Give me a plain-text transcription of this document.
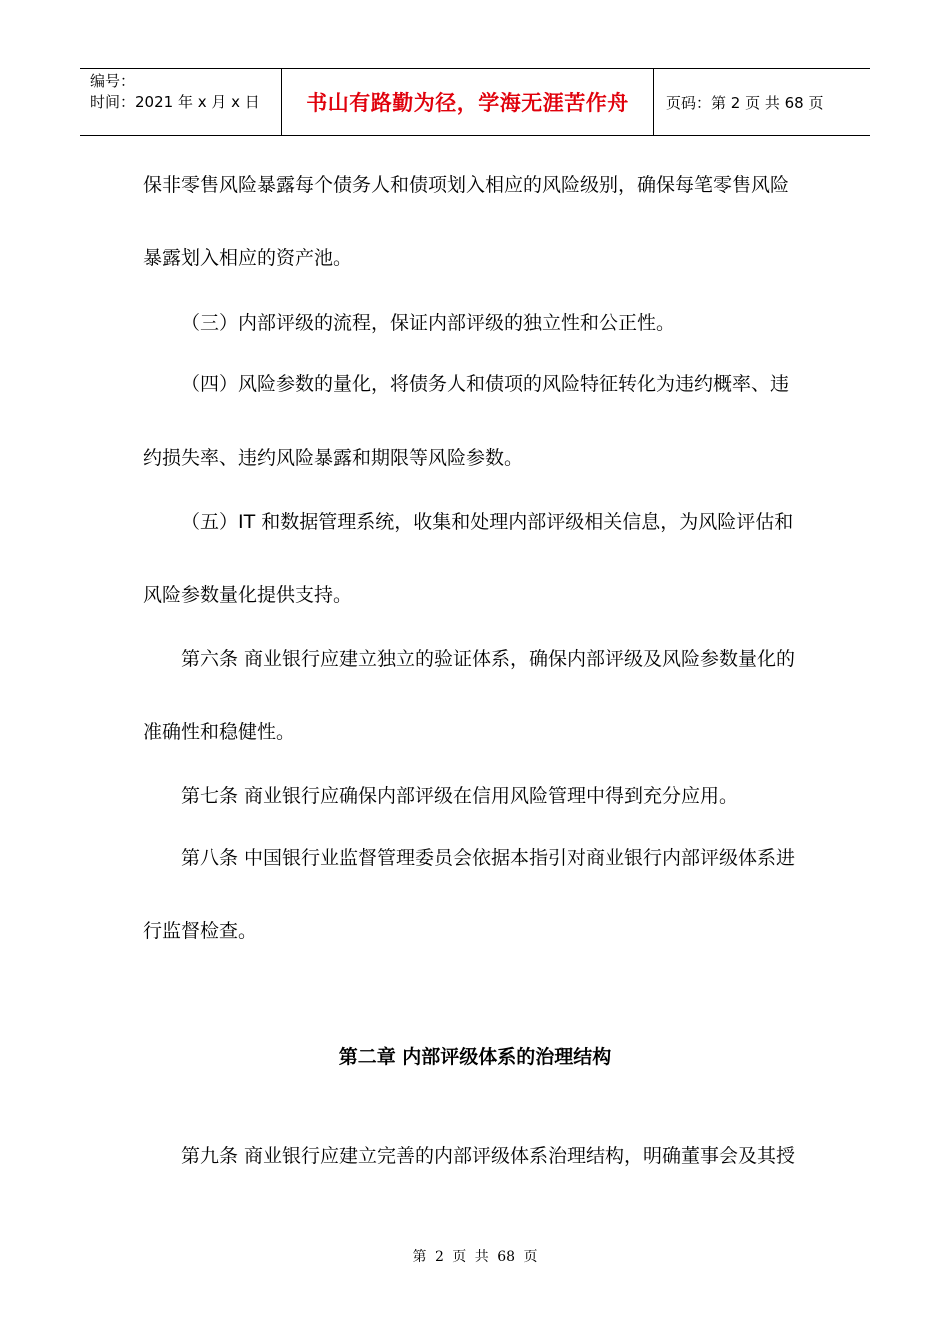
编号：
时间：2021 年 x 月 x 日	书山有路勤为径，学海无涯苦作舟	页码：第 2 页 共 68 页
保非零售风险暴露每个债务人和债项划入相应的风险级别，确保每笔零售风险
暴露划入相应的资产池。
（三）内部评级的流程，保证内部评级的独立性和公正性。
（四）风险参数的量化，将债务人和债项的风险特征转化为违约概率、违
约损失率、违约风险暴露和期限等风险参数。
（五）IT 和数据管理系统，收集和处理内部评级相关信息，为风险评估和
风险参数量化提供支持。
第六条 商业银行应建立独立的验证体系，确保内部评级及风险参数量化的
准确性和稳健性。
第七条 商业银行应确保内部评级在信用风险管理中得到充分应用。
第八条 中国银行业监督管理委员会依据本指引对商业银行内部评级体系进
行监督检查。
第二章 内部评级体系的治理结构
第九条 商业银行应建立完善的内部评级体系治理结构，明确董事会及其授
第 2 页 共 68 页
